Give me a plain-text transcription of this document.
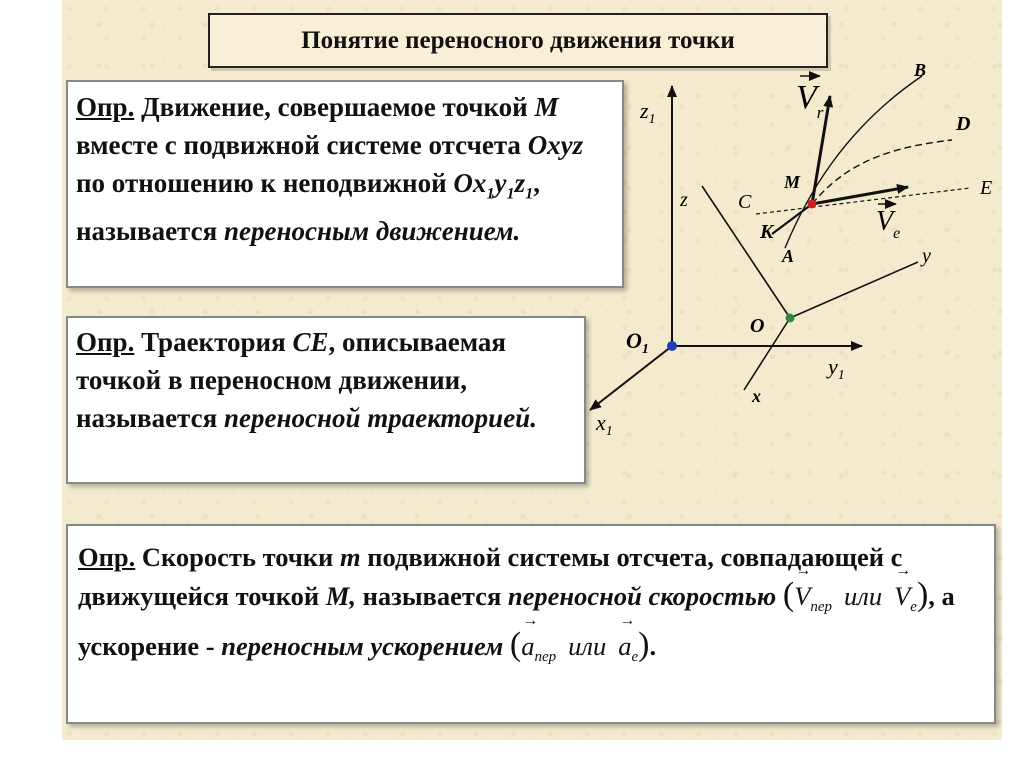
Понятие переносного движения точки
Опр. Движение, совершаемое точкой M вместе с подвижной системе отсчета Oxyz по отношению к неподвижной $Ox_1y_1z_1$, называется переносным движением.
Опр. Траектория CE, описываемая точкой в переносном движении, называется переносной траекторией.
Опр. Скорость точки m подвижной системы отсчета, совпадающей с движущейся точкой M, называется переносной скоростью (→ $V_{пер}$ $или\to V_e$), а ускорение - переносным ускорением (→ $a_{пер}$ $или\to a_e$).
$z_1$
$y_1$
$x_1$
$O_1$
z
y
x
O
M
B
D
E
C
K
A
$V_r$
$V_e$
